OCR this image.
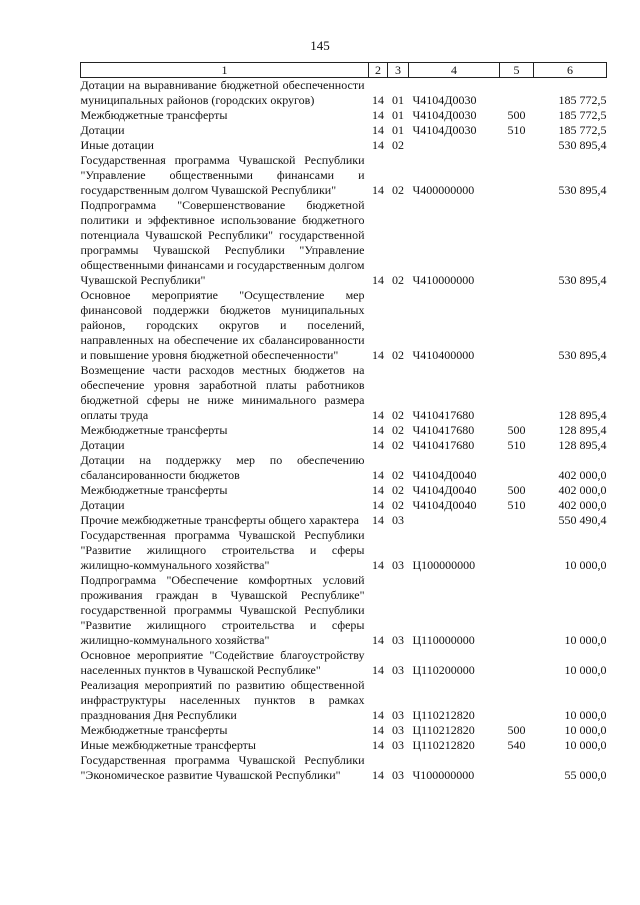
145
1	2	3	4	5	6
Дотации на выравнивание бюджетной обеспеченности муниципальных районов (городских округов)	14	01	Ч4104Д0030		185 772,5
Межбюджетные трансферты	14	01	Ч4104Д0030	500	185 772,5
Дотации	14	01	Ч4104Д0030	510	185 772,5
Иные дотации	14	02			530 895,4
Государственная программа Чувашской Республики "Управление общественными финансами и государственным долгом Чувашской Республики"	14	02	Ч400000000		530 895,4
Подпрограмма "Совершенствование бюджетной политики и эффективное использование бюджетного потенциала Чувашской Республики" государственной программы Чувашской Республики "Управление общественными финансами и государственным долгом Чувашской Республики"	14	02	Ч410000000		530 895,4
Основное мероприятие "Осуществление мер финансовой поддержки бюджетов муниципальных районов, городских округов и поселений, направленных на обеспечение их сбалансированности и повышение уровня бюджетной обеспеченности"	14	02	Ч410400000		530 895,4
Возмещение части расходов местных бюджетов на обеспечение уровня заработной платы работников бюджетной сферы не ниже минимального размера оплаты труда	14	02	Ч410417680		128 895,4
Межбюджетные трансферты	14	02	Ч410417680	500	128 895,4
Дотации	14	02	Ч410417680	510	128 895,4
Дотации на поддержку мер по обеспечению сбалансированности бюджетов	14	02	Ч4104Д0040		402 000,0
Межбюджетные трансферты	14	02	Ч4104Д0040	500	402 000,0
Дотации	14	02	Ч4104Д0040	510	402 000,0
Прочие межбюджетные трансферты общего характера	14	03			550 490,4
Государственная программа Чувашской Республики "Развитие жилищного строительства и сферы жилищно-коммунального хозяйства"	14	03	Ц100000000		10 000,0
Подпрограмма "Обеспечение комфортных условий проживания граждан в Чувашской Республике" государственной программы Чувашской Республики "Развитие жилищного строительства и сферы жилищно-коммунального хозяйства"	14	03	Ц110000000		10 000,0
Основное мероприятие "Содействие благоустройству населенных пунктов в Чувашской Республике"	14	03	Ц110200000		10 000,0
Реализация мероприятий по развитию общественной инфраструктуры населенных пунктов в рамках празднования Дня Республики	14	03	Ц110212820		10 000,0
Межбюджетные трансферты	14	03	Ц110212820	500	10 000,0
Иные межбюджетные трансферты	14	03	Ц110212820	540	10 000,0
Государственная программа Чувашской Республики "Экономическое развитие Чувашской Республики"	14	03	Ч100000000		55 000,0
